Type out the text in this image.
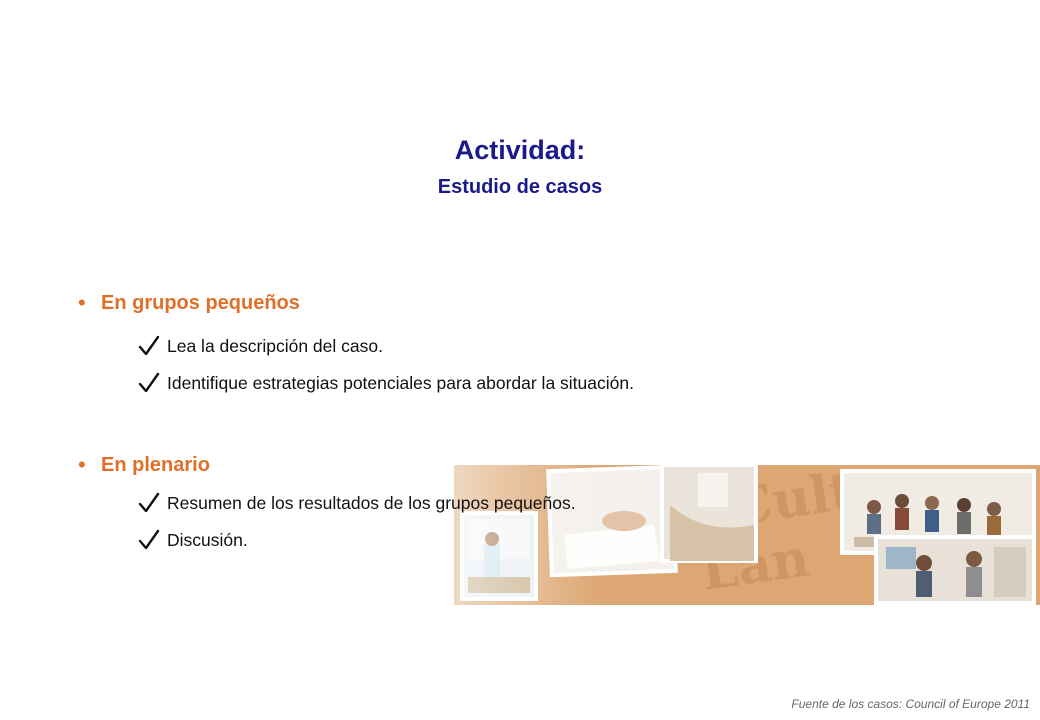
Actividad:
Estudio de casos
• En grupos pequeños
Lea la descripción del caso.
Identifique estrategias potenciales para abordar la situación.
• En plenario
Resumen de los resultados de los grupos pequeños.
Discusión.
Fuente de los casos: Council of Europe 2011
